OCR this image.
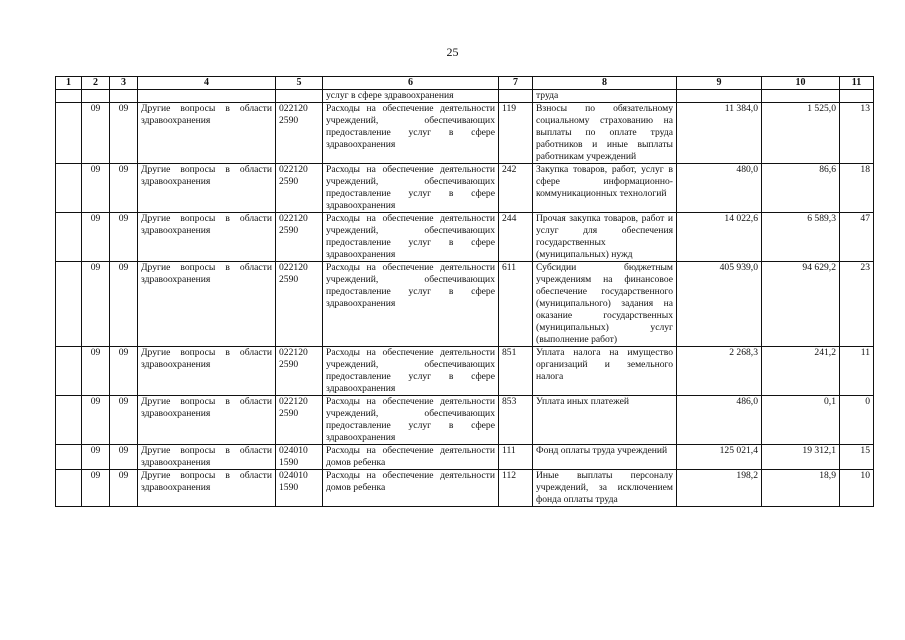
25
1	2	3	4	5	6	7	8	9	10	11
					услуг в сфере здравоохранения		труда			
	09	09	Другие вопросы в области здравоохранения	022120 2590	Расходы на обеспечение деятельности учреждений, обеспечивающих предоставление услуг в сфере здравоохранения	119	Взносы по обязательному социальному страхованию на выплаты по оплате труда работников и иные выплаты работникам учреждений	11 384,0	1 525,0	13
	09	09	Другие вопросы в области здравоохранения	022120 2590	Расходы на обеспечение деятельности учреждений, обеспечивающих предоставление услуг в сфере здравоохранения	242	Закупка товаров, работ, услуг в сфере информационно-коммуникационных технологий	480,0	86,6	18
	09	09	Другие вопросы в области здравоохранения	022120 2590	Расходы на обеспечение деятельности учреждений, обеспечивающих предоставление услуг в сфере здравоохранения	244	Прочая закупка товаров, работ и услуг для обеспечения государственных (муниципальных) нужд	14 022,6	6 589,3	47
	09	09	Другие вопросы в области здравоохранения	022120 2590	Расходы на обеспечение деятельности учреждений, обеспечивающих предоставление услуг в сфере здравоохранения	611	Субсидии бюджетным учреждениям на финансовое обеспечение государственного (муниципального) задания на оказание государственных (муниципальных) услуг (выполнение работ)	405 939,0	94 629,2	23
	09	09	Другие вопросы в области здравоохранения	022120 2590	Расходы на обеспечение деятельности учреждений, обеспечивающих предоставление услуг в сфере здравоохранения	851	Уплата налога на имущество организаций и земельного налога	2 268,3	241,2	11
	09	09	Другие вопросы в области здравоохранения	022120 2590	Расходы на обеспечение деятельности учреждений, обеспечивающих предоставление услуг в сфере здравоохранения	853	Уплата иных платежей	486,0	0,1	0
	09	09	Другие вопросы в области здравоохранения	024010 1590	Расходы на обеспечение деятельности домов ребенка	111	Фонд оплаты труда учреждений	125 021,4	19 312,1	15
	09	09	Другие вопросы в области здравоохранения	024010 1590	Расходы на обеспечение деятельности домов ребенка	112	Иные выплаты персоналу учреждений, за исключением фонда оплаты труда	198,2	18,9	10
